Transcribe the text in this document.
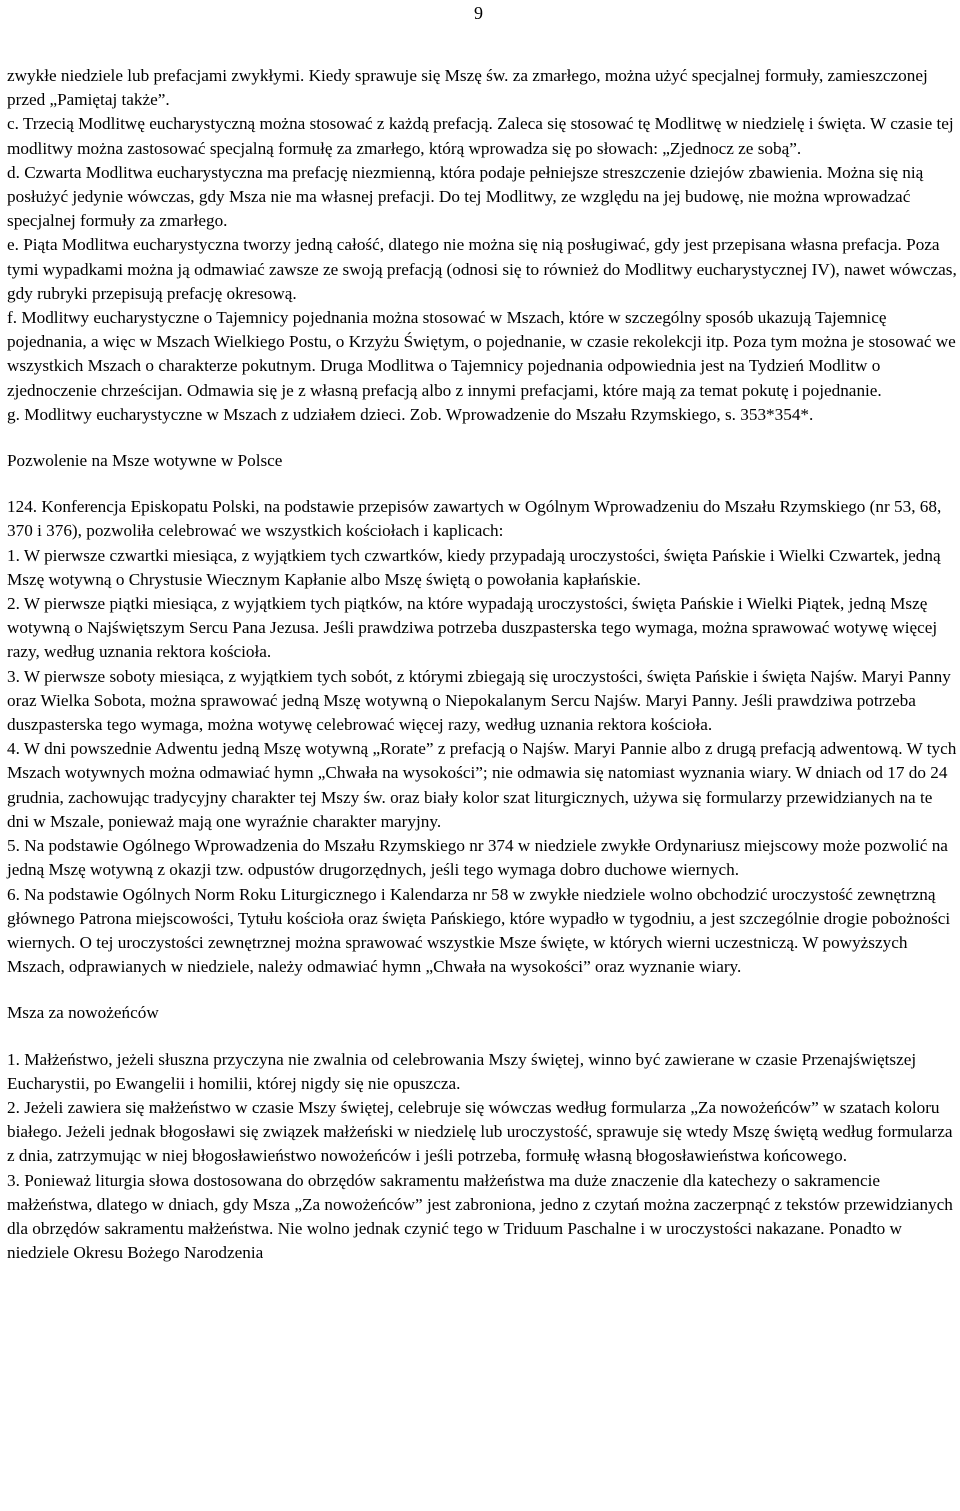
9

zwykłe niedziele lub prefacjami zwykłymi. Kiedy sprawuje się Mszę św. za zmarłego, można użyć specjalnej formuły, zamieszczonej przed „Pamiętaj także”.

c. Trzecią Modlitwę eucharystyczną można stosować z każdą prefacją. Zaleca się stosować tę Modlitwę w niedzielę i święta. W czasie tej modlitwy można zastosować specjalną formułę za zmarłego, którą wprowadza się po słowach: „Zjednocz ze sobą”.

d. Czwarta Modlitwa eucharystyczna ma prefację niezmienną, która podaje pełniejsze streszczenie dziejów zbawienia. Można się nią posłużyć jedynie wówczas, gdy Msza nie ma własnej prefacji. Do tej Modlitwy, ze względu na jej budowę, nie można wprowadzać specjalnej formuły za zmarłego.

e. Piąta Modlitwa eucharystyczna tworzy jedną całość, dlatego nie można się nią posługiwać, gdy jest przepisana własna prefacja. Poza tymi wypadkami można ją odmawiać zawsze ze swoją prefacją (odnosi się to również do Modlitwy eucharystycznej IV), nawet wówczas, gdy rubryki przepisują prefację okresową.

f. Modlitwy eucharystyczne o Tajemnicy pojednania można stosować w Mszach, które w szczególny sposób ukazują Tajemnicę pojednania, a więc w Mszach Wielkiego Postu, o Krzyżu Świętym, o pojednanie, w czasie rekolekcji itp. Poza tym można je stosować we wszystkich Mszach o charakterze pokutnym. Druga Modlitwa o Tajemnicy pojednania odpowiednia jest na Tydzień Modlitw o zjednoczenie chrześcijan. Odmawia się je z własną prefacją albo z innymi prefacjami, które mają za temat pokutę i pojednanie.

g. Modlitwy eucharystyczne w Mszach z udziałem dzieci. Zob. Wprowadzenie do Mszału Rzymskiego, s. 353*354*.

Pozwolenie na Msze wotywne w Polsce

124. Konferencja Episkopatu Polski, na podstawie przepisów zawartych w Ogólnym Wprowadzeniu do Mszału Rzymskiego (nr 53, 68, 370 i 376), pozwoliła celebrować we wszystkich kościołach i kaplicach:

1. W pierwsze czwartki miesiąca, z wyjątkiem tych czwartków, kiedy przypadają uroczystości, święta Pańskie i Wielki Czwartek, jedną Mszę wotywną o Chrystusie Wiecznym Kapłanie albo Mszę świętą o powołania kapłańskie.

2. W pierwsze piątki miesiąca, z wyjątkiem tych piątków, na które wypadają uroczystości, święta Pańskie i Wielki Piątek, jedną Mszę wotywną o Najświętszym Sercu Pana Jezusa. Jeśli prawdziwa potrzeba duszpasterska tego wymaga, można sprawować wotywę więcej razy, według uznania rektora kościoła.

3. W pierwsze soboty miesiąca, z wyjątkiem tych sobót, z którymi zbiegają się uroczystości, święta Pańskie i święta Najśw. Maryi Panny oraz Wielka Sobota, można sprawować jedną Mszę wotywną o Niepokalanym Sercu Najśw. Maryi Panny. Jeśli prawdziwa potrzeba duszpasterska tego wymaga, można wotywę celebrować więcej razy, według uznania rektora kościoła.

4. W dni powszednie Adwentu jedną Mszę wotywną „Rorate” z prefacją o Najśw. Maryi Pannie albo z drugą prefacją adwentową. W tych Mszach wotywnych można odmawiać hymn „Chwała na wysokości”; nie odmawia się natomiast wyznania wiary. W dniach od 17 do 24 grudnia, zachowując tradycyjny charakter tej Mszy św. oraz biały kolor szat liturgicznych, używa się formularzy przewidzianych na te dni w Mszale, ponieważ mają one wyraźnie charakter maryjny.

5. Na podstawie Ogólnego Wprowadzenia do Mszału Rzymskiego nr 374 w niedziele zwykłe Ordynariusz miejscowy może pozwolić na jedną Mszę wotywną z okazji tzw. odpustów drugorzędnych, jeśli tego wymaga dobro duchowe wiernych.

6. Na podstawie Ogólnych Norm Roku Liturgicznego i Kalendarza nr 58 w zwykłe niedziele wolno obchodzić uroczystość zewnętrzną głównego Patrona miejscowości, Tytułu kościoła oraz święta Pańskiego, które wypadło w tygodniu, a jest szczególnie drogie pobożności wiernych. O tej uroczystości zewnętrznej można sprawować wszystkie Msze święte, w których wierni uczestniczą. W powyższych Mszach, odprawianych w niedziele, należy odmawiać hymn „Chwała na wysokości” oraz wyznanie wiary.

Msza za nowożeńców

1. Małżeństwo, jeżeli słuszna przyczyna nie zwalnia od celebrowania Mszy świętej, winno być zawierane w czasie Przenajświętszej Eucharystii, po Ewangelii i homilii, której nigdy się nie opuszcza.

2. Jeżeli zawiera się małżeństwo w czasie Mszy świętej, celebruje się wówczas według formularza „Za nowożeńców” w szatach koloru białego. Jeżeli jednak błogosławi się związek małżeński w niedzielę lub uroczystość, sprawuje się wtedy Mszę świętą według formularza z dnia, zatrzymując w niej błogosławieństwo nowożeńców i jeśli potrzeba, formułę własną błogosławieństwa końcowego.

3. Ponieważ liturgia słowa dostosowana do obrzędów sakramentu małżeństwa ma duże znaczenie dla katechezy o sakramencie małżeństwa, dlatego w dniach, gdy Msza „Za nowożeńców” jest zabroniona, jedno z czytań można zaczerpnąć z tekstów przewidzianych dla obrzędów sakramentu małżeństwa. Nie wolno jednak czynić tego w Triduum Paschalne i w uroczystości nakazane. Ponadto w niedziele Okresu Bożego Narodzenia
